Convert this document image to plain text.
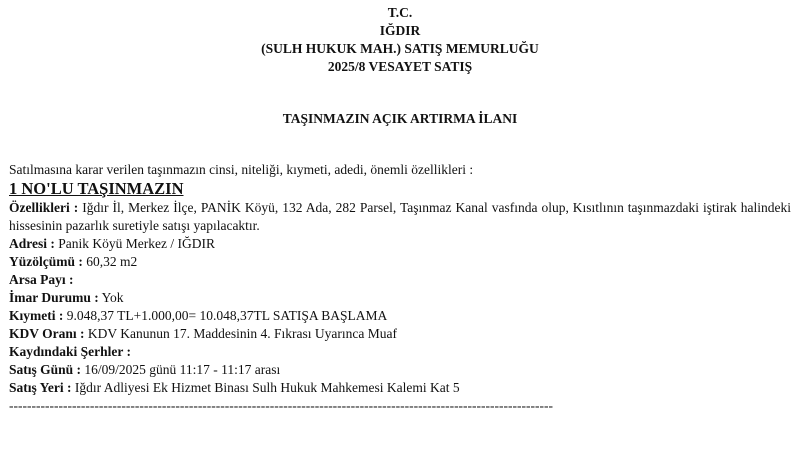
T.C.
IĞDIR
(SULH HUKUK MAH.) SATIŞ MEMURLUĞU
2025/8 VESAYET SATIŞ
TAŞINMAZIN AÇIK ARTIRMA İLANI

Satılmasına karar verilen taşınmazın cinsi, niteliği, kıymeti, adedi, önemli özellikleri :

1 NO'LU TAŞINMAZIN

Özellikleri : Iğdır İl, Merkez İlçe, PANİK Köyü, 132 Ada, 282 Parsel, Taşınmaz Kanal vasfında olup, Kısıtlının taşınmazdaki iştirak halindeki hissesinin pazarlık suretiyle satışı yapılacaktır.

Adresi : Panik Köyü Merkez / IĞDIR

Yüzölçümü : 60,32 m2

Arsa Payı :

İmar Durumu : Yok

Kıymeti : 9.048,37 TL+1.000,00= 10.048,37TL SATIŞA BAŞLAMA

KDV Oranı : KDV Kanunun 17. Maddesinin 4. Fıkrası Uyarınca Muaf

Kaydındaki Şerhler :

Satış Günü : 16/09/2025 günü 11:17 - 11:17 arası

Satış Yeri : Iğdır Adliyesi Ek Hizmet Binası Sulh Hukuk Mahkemesi Kalemi Kat 5

-------------------------------------------------------------------------------------------------------------------------
